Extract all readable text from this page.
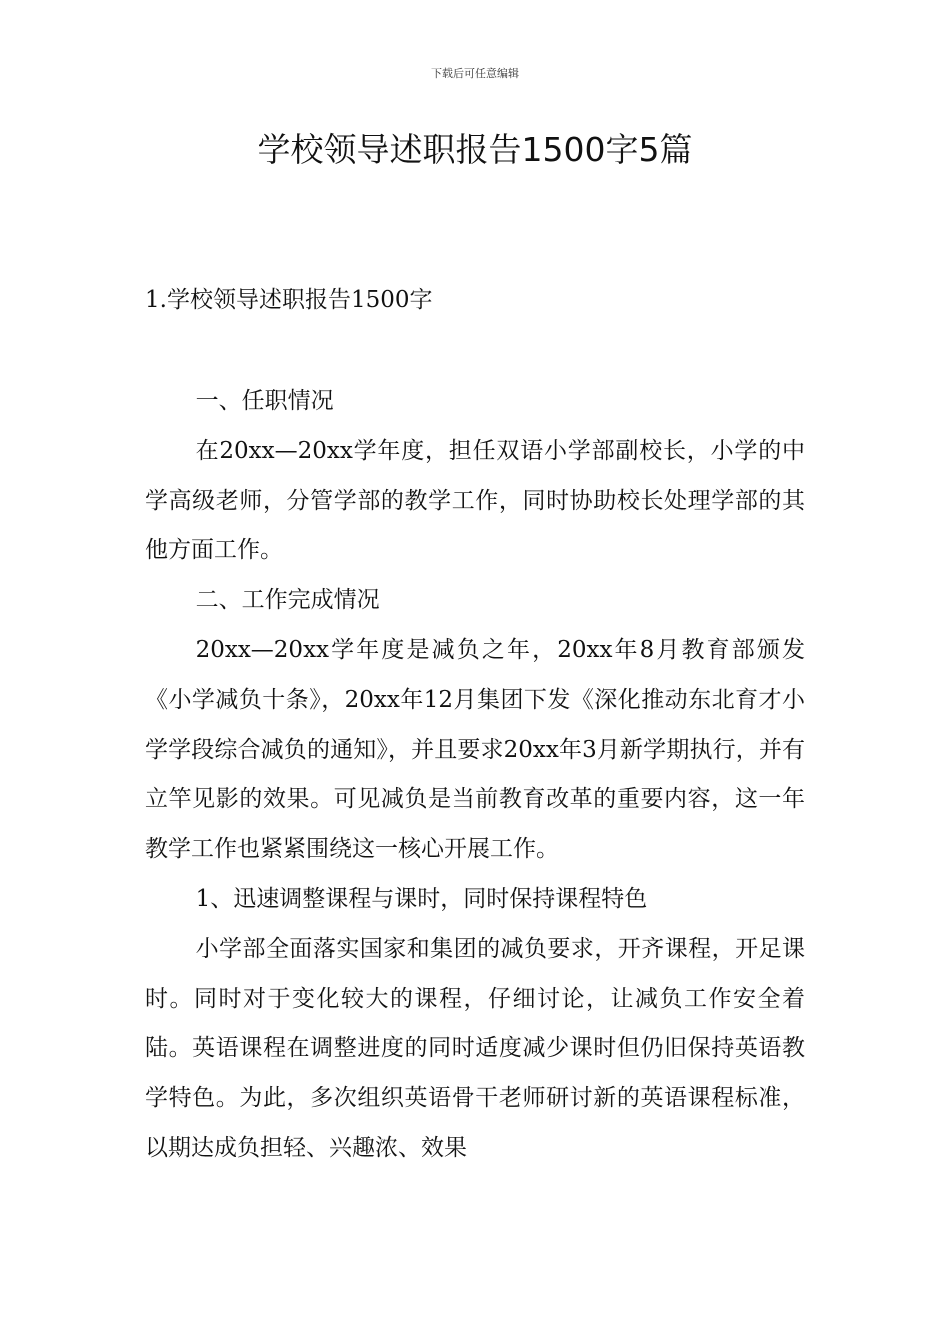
下载后可任意编辑
学校领导述职报告1500字5篇
1.学校领导述职报告1500字

一、任职情况

在20xx—20xx学年度，担任双语小学部副校长，小学的中学高级老师，分管学部的教学工作，同时协助校长处理学部的其他方面工作。

二、工作完成情况

20xx—20xx学年度是减负之年，20xx年8月教育部颁发《小学减负十条》，20xx年12月集团下发《深化推动东北育才小学学段综合减负的通知》，并且要求20xx年3月新学期执行，并有立竿见影的效果。可见减负是当前教育改革的重要内容，这一年教学工作也紧紧围绕这一核心开展工作。

1、迅速调整课程与课时，同时保持课程特色

小学部全面落实国家和集团的减负要求，开齐课程，开足课时。同时对于变化较大的课程，仔细讨论，让减负工作安全着陆。英语课程在调整进度的同时适度减少课时但仍旧保持英语教学特色。为此，多次组织英语骨干老师研讨新的英语课程标准，以期达成负担轻、兴趣浓、效果
